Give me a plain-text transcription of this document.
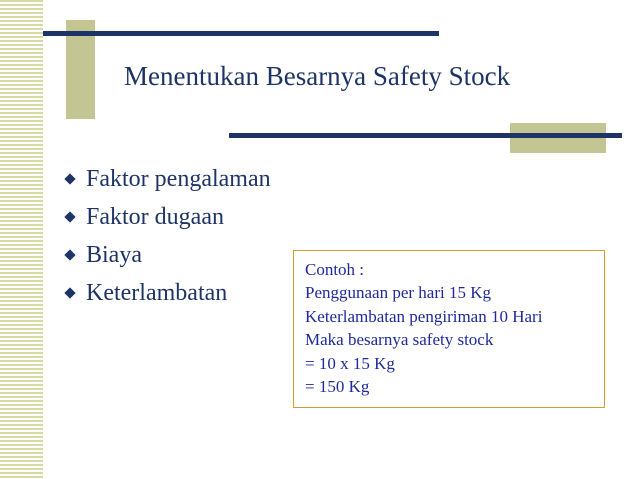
Menentukan Besarnya Safety Stock
Faktor pengalaman
Faktor dugaan
Biaya
Keterlambatan
Contoh :
Penggunaan per hari 15 Kg
Keterlambatan pengiriman 10 Hari
Maka besarnya safety stock
= 10 x 15 Kg
= 150 Kg
